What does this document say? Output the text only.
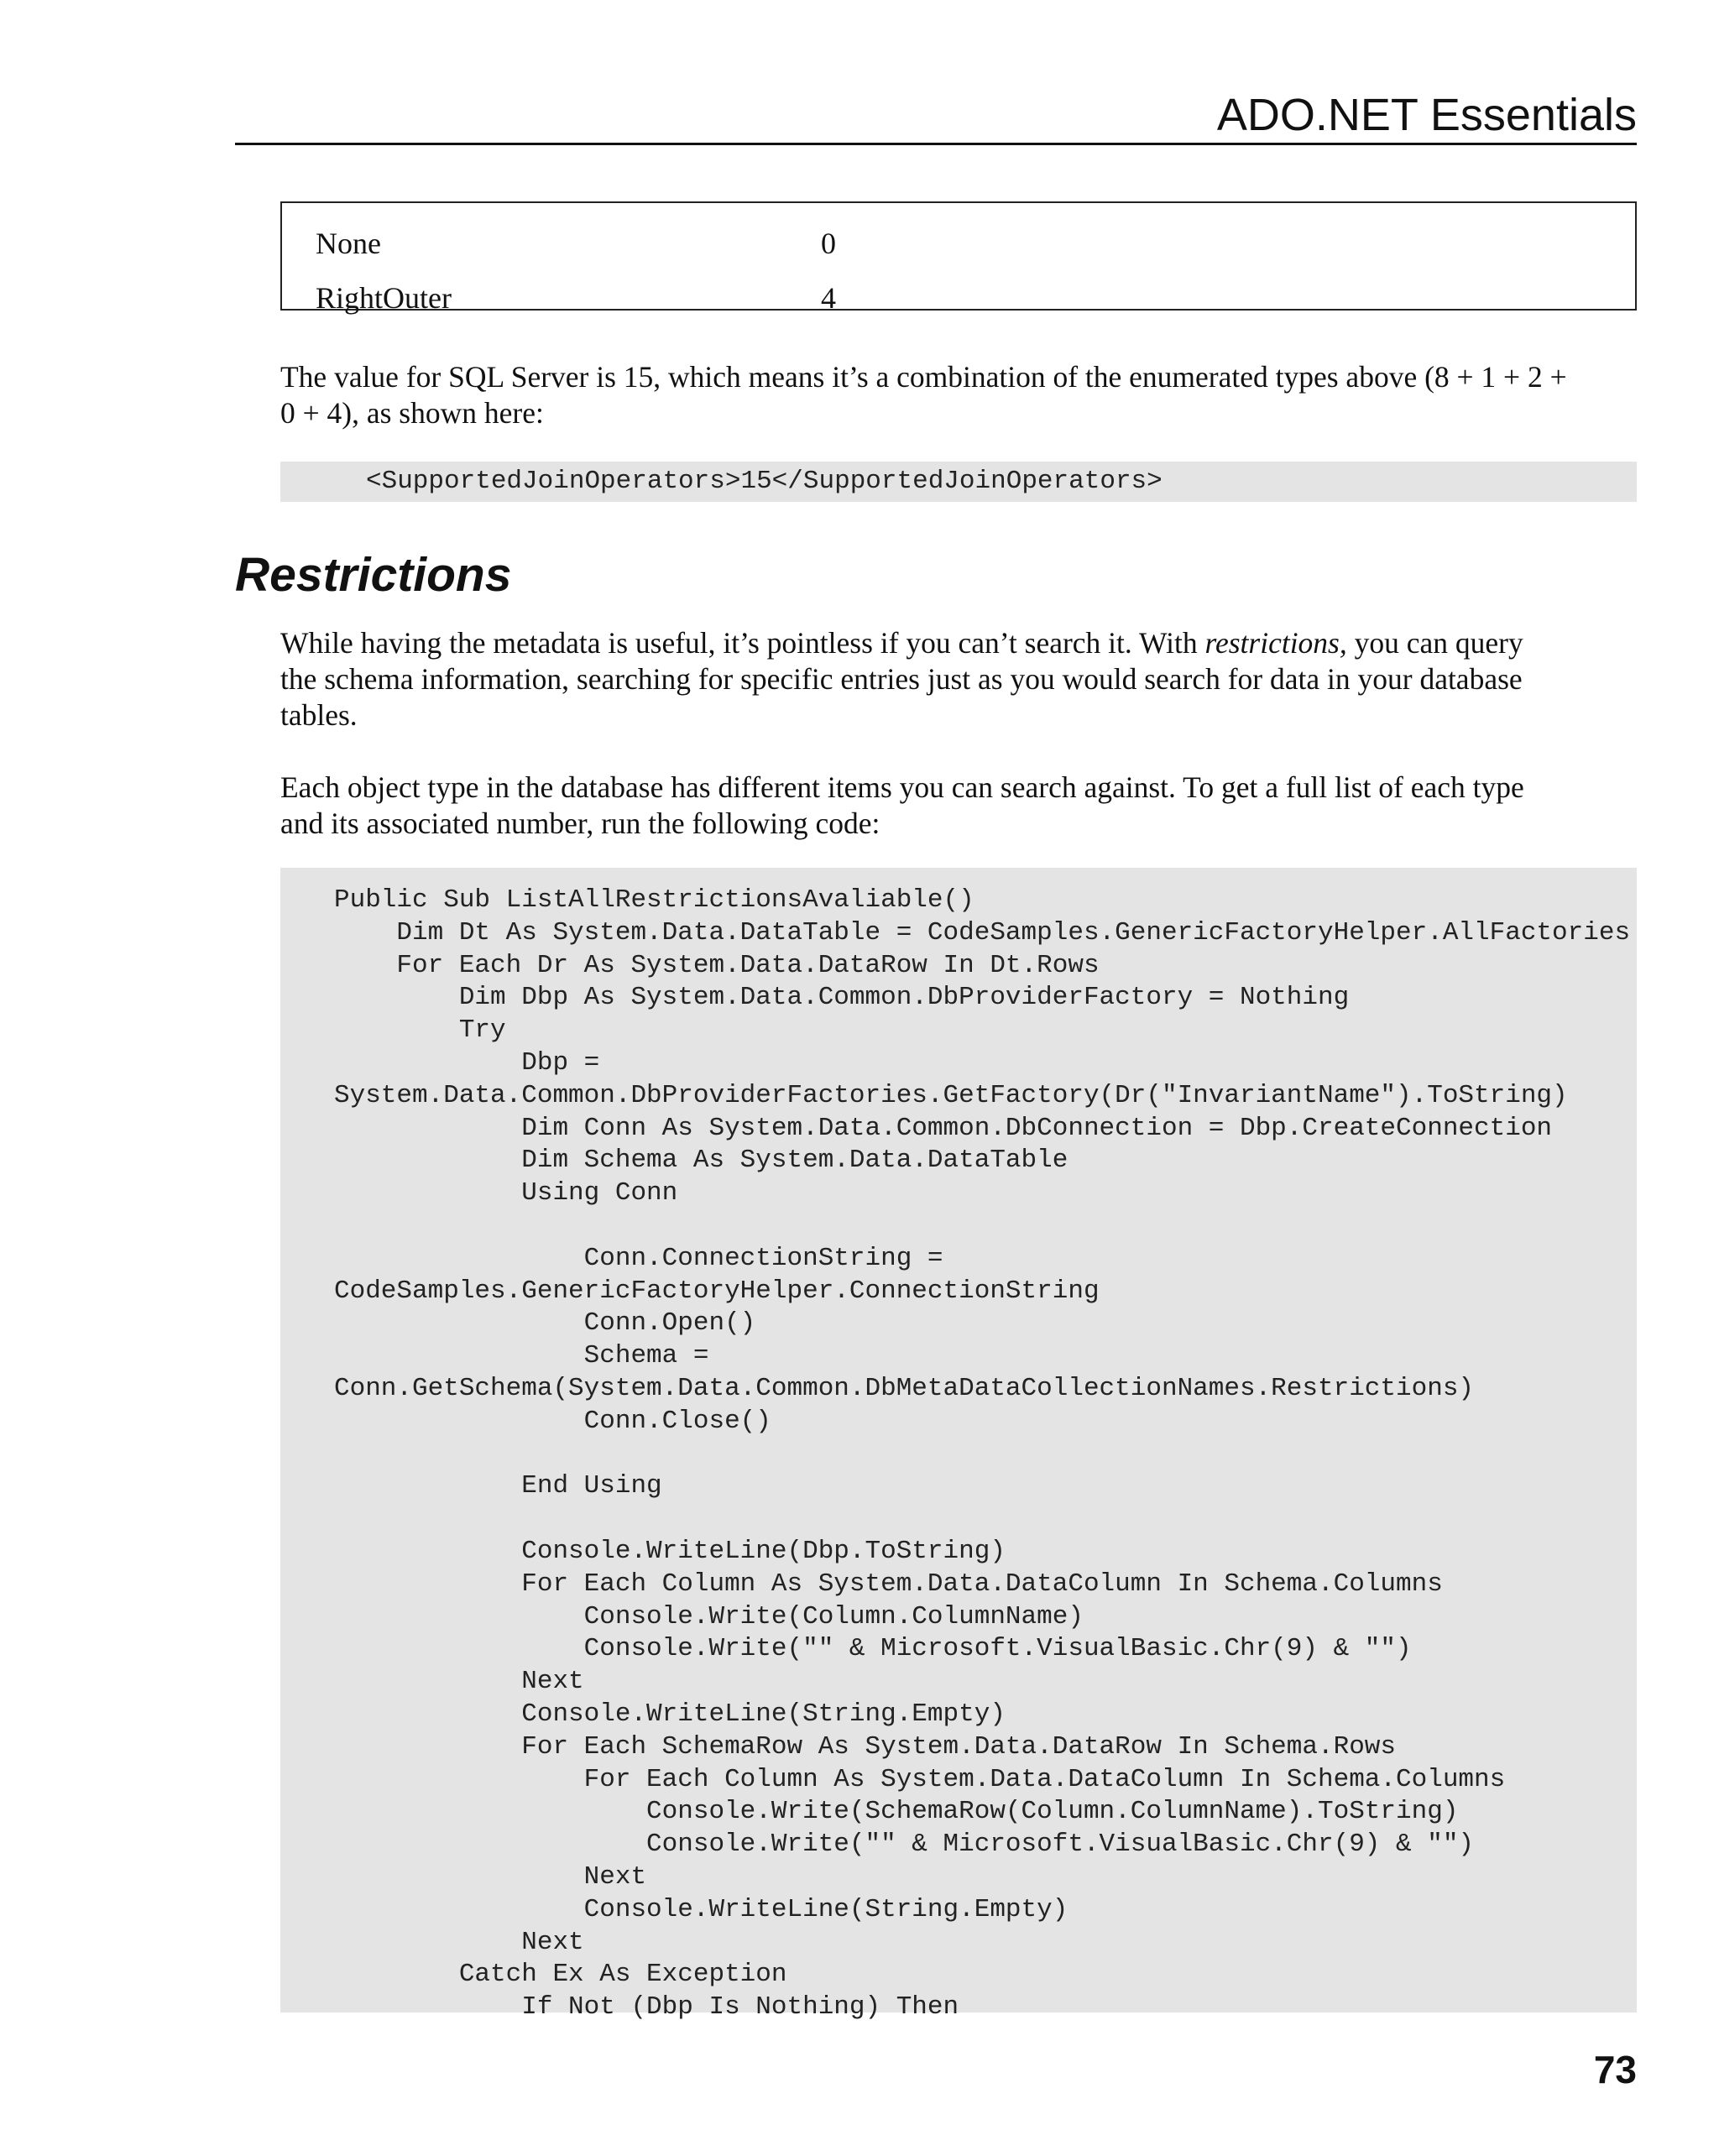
ADO.NET Essentials
None	0
RightOuter	4
The value for SQL Server is 15, which means it’s a combination of the enumerated types above (8 + 1 + 2 +
0 + 4), as shown here:
<SupportedJoinOperators>15</SupportedJoinOperators>
Restrictions
While having the metadata is useful, it’s pointless if you can’t search it. With restrictions, you can query
the schema information, searching for specific entries just as you would search for data in your database
tables.
Each object type in the database has different items you can search against. To get a full list of each type
and its associated number, run the following code:
Public Sub ListAllRestrictionsAvaliable()
Dim Dt As System.Data.DataTable = CodeSamples.GenericFactoryHelper.AllFactories
For Each Dr As System.Data.DataRow In Dt.Rows
Dim Dbp As System.Data.Common.DbProviderFactory = Nothing
Try
Dbp =
System.Data.Common.DbProviderFactories.GetFactory(Dr("InvariantName").ToString)
Dim Conn As System.Data.Common.DbConnection = Dbp.CreateConnection
Dim Schema As System.Data.DataTable
Using Conn

Conn.ConnectionString =
CodeSamples.GenericFactoryHelper.ConnectionString
Conn.Open()
Schema =
Conn.GetSchema(System.Data.Common.DbMetaDataCollectionNames.Restrictions)
Conn.Close()

End Using

Console.WriteLine(Dbp.ToString)
For Each Column As System.Data.DataColumn In Schema.Columns
Console.Write(Column.ColumnName)
Console.Write("" & Microsoft.VisualBasic.Chr(9) & "")
Next
Console.WriteLine(String.Empty)
For Each SchemaRow As System.Data.DataRow In Schema.Rows
For Each Column As System.Data.DataColumn In Schema.Columns
Console.Write(SchemaRow(Column.ColumnName).ToString)
Console.Write("" & Microsoft.VisualBasic.Chr(9) & "")
Next
Console.WriteLine(String.Empty)
Next
Catch Ex As Exception
If Not (Dbp Is Nothing) Then
73
